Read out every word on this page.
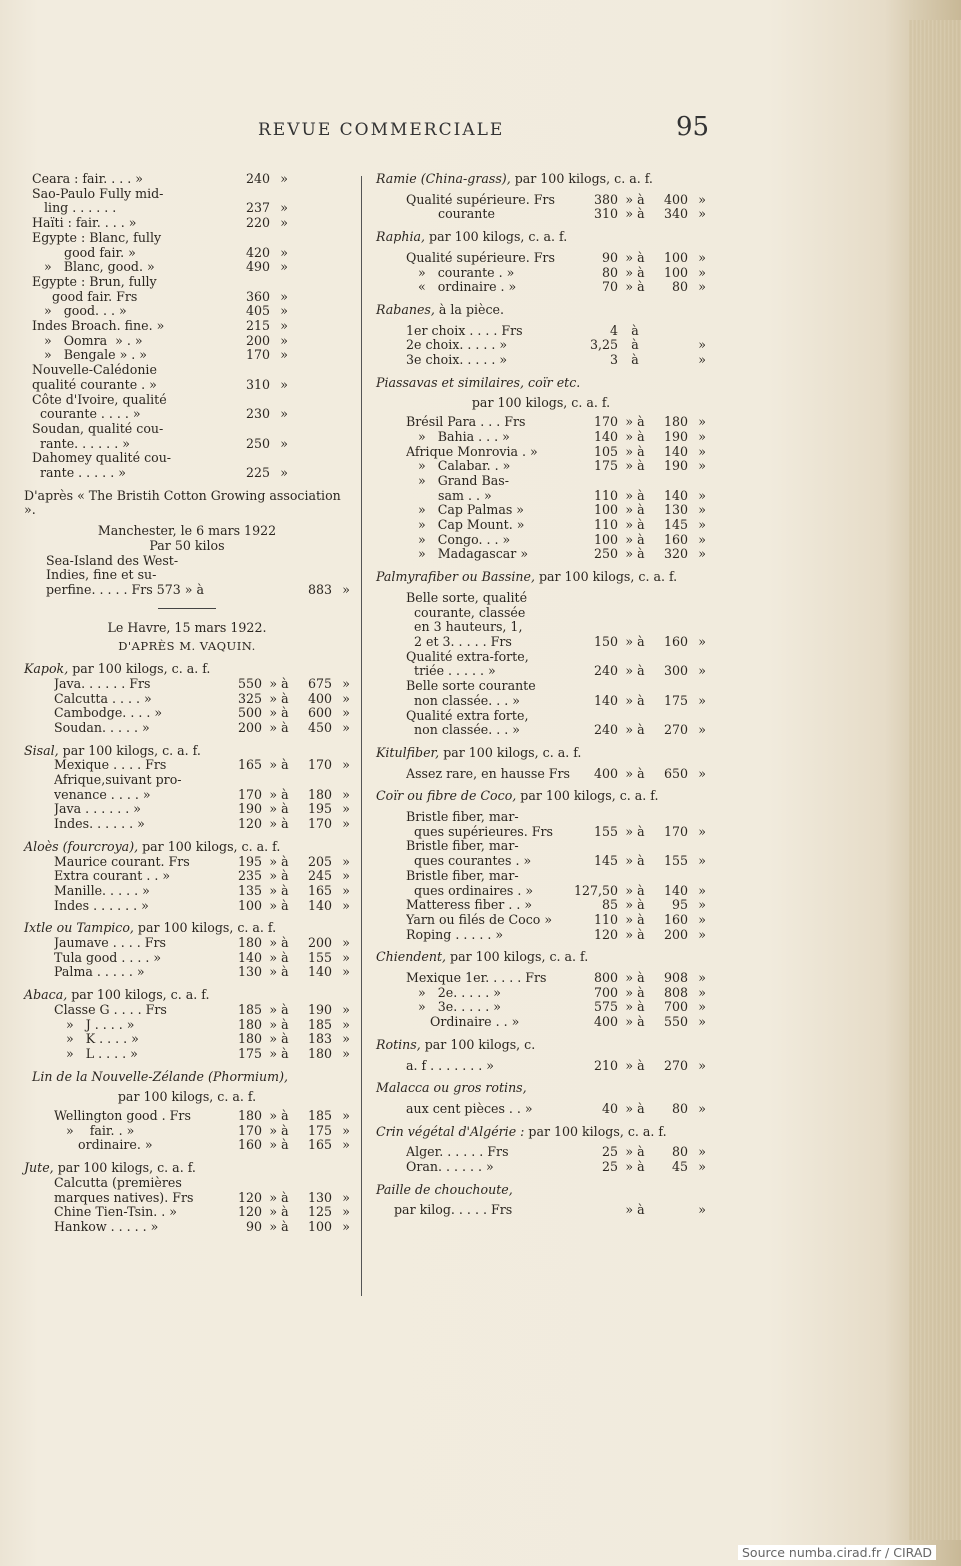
REVUE COMMERCIALE	95
Ceara : fair. . . . »	240 »
Sao-Paulo Fully mid-
ling . . . . . .	237 »
Haïti : fair. . . . »	220 »
Egypte : Blanc, fully
good fair. »	420 »
»   Blanc, good. »	490 »
Egypte : Brun, fully
good fair. Frs	360 »
»   good. . . »	405 »
Indes Broach. fine. »	215 »
»   Oomra  » . »	200 »
»   Bengale » . »	170 »
Nouvelle-Calédonie
qualité courante . »	310 »
Côte d'Ivoire, qualité
courante . . . . »	230 »
Soudan, qualité cou-
rante. . . . . . »	250 »
Dahomey qualité cou-
rante . . . . . »	225 »
D'après « The Bristih Cotton Growing association ».
Manchester, le 6 mars 1922
Par 50 kilos
Sea-Island des West-
Indies, fine et su-
perfine. . . . . Frs 573 » à	883 »
Le Havre, 15 mars 1922.
D'APRÈS M. VAQUIN.
Kapok, par 100 kilogs, c. a. f.
Java. . . . . . Frs	550 » à	675 »
Calcutta . . . . »	325 » à	400 »
Cambodge. . . . »	500 » à	600 »
Soudan. . . . . »	200 » à	450 »
Sisal, par 100 kilogs, c. a. f.
Mexique . . . . Frs	165 » à	170 »
Afrique,suivant pro-
venance . . . . »	170 » à	180 »
Java . . . . . . »	190 » à	195 »
Indes. . . . . . »	120 » à	170 »
Aloès (fourcroya), par 100 kilogs, c. a. f.
Maurice courant. Frs	195 » à	205 »
Extra courant . . »	235 » à	245 »
Manille. . . . . »	135 » à	165 »
Indes . . . . . . »	100 » à	140 »
Ixtle ou Tampico, par 100 kilogs, c. a. f.
Jaumave . . . . Frs	180 » à	200 »
Tula good . . . . »	140 » à	155 »
Palma . . . . . »	130 » à	140 »
Abaca, par 100 kilogs, c. a. f.
Classe G . . . . Frs	185 » à	190 »
»   J . . . . »	180 » à	185 »
»   K . . . . »	180 » à	183 »
»   L . . . . »	175 » à	180 »
Lin de la Nouvelle-Zélande (Phormium),
par 100 kilogs, c. a. f.
Wellington good . Frs	180 » à	185 »
»    fair. . »	170 » à	175 »
ordinaire. »	160 » à	165 »
Jute, par 100 kilogs, c. a. f.
Calcutta (premières
marques natives). Frs	120 » à	130 »
Chine Tien-Tsin. . »	120 » à	125 »
Hankow . . . . . »	90 » à	100 »
Ramie (China-grass), par 100 kilogs, c. a. f.
Qualité supérieure. Frs	380 » à	400 »
courante	310 » à	340 »
Raphia, par 100 kilogs, c. a. f.
Qualité supérieure. Frs	90 » à	100 »
»   courante . »	80 » à	100 »
«   ordinaire . »	70 » à	80 »
Rabanes, à la pièce.
1er choix . . . . Frs	4	à
2e choix. . . . . »	3,25	à	»
3e choix. . . . . »	3	à	»
Piassavas et similaires, coïr etc.
par 100 kilogs, c. a. f.
Brésil Para . . . Frs	170 » à	180 »
»   Bahia . . . »	140 » à	190 »
Afrique Monrovia . »	105 » à	140 »
»   Calabar. . »	175 » à	190 »
»   Grand Bas-
sam . . »	110 » à	140 »
»   Cap Palmas »	100 » à	130 »
»   Cap Mount. »	110 » à	145 »
»   Congo. . . »	100 » à	160 »
»   Madagascar »	250 » à	320 »
Palmyrafiber ou Bassine, par 100 kilogs, c. a. f.
Belle sorte, qualité
courante, classée
en 3 hauteurs, 1,
2 et 3. . . . . Frs	150 » à	160 »
Qualité extra-forte,
triée . . . . . »	240 » à	300 »
Belle sorte courante
non classée. . . »	140 » à	175 »
Qualité extra forte,
non classée. . . »	240 » à	270 »
Kitulfiber, par 100 kilogs, c. a. f.
Assez rare, en hausse Frs	400 » à	650 »
Coïr ou fibre de Coco, par 100 kilogs, c. a. f.
Bristle fiber, mar-
ques supérieures. Frs	155 » à	170 »
Bristle fiber, mar-
ques courantes . »	145 » à	155 »
Bristle fiber, mar-
ques ordinaires . »	127,50 » à	140 »
Matteress fiber . . »	85 » à	95 »
Yarn ou filés de Coco »	110 » à	160 »
Roping . . . . . »	120 » à	200 »
Chiendent, par 100 kilogs, c. a. f.
Mexique 1er. . . . . Frs	800 » à	908 »
»   2e. . . . . »	700 » à	808 »
»   3e. . . . . »	575 » à	700 »
Ordinaire . . »	400 » à	550 »
Rotins, par 100 kilogs, c.
a. f . . . . . . . »	210 » à	270 »
Malacca ou gros rotins,
aux cent pièces . . »	40 » à	80 »
Crin végétal d'Algérie : par 100 kilogs, c. a. f.
Alger. . . . . . Frs	25 » à	80 »
Oran. . . . . . »	25 » à	45 »
Paille de chouchoute,
par kilog. . . . . Frs	» à	»
Source numba.cirad.fr / CIRAD
